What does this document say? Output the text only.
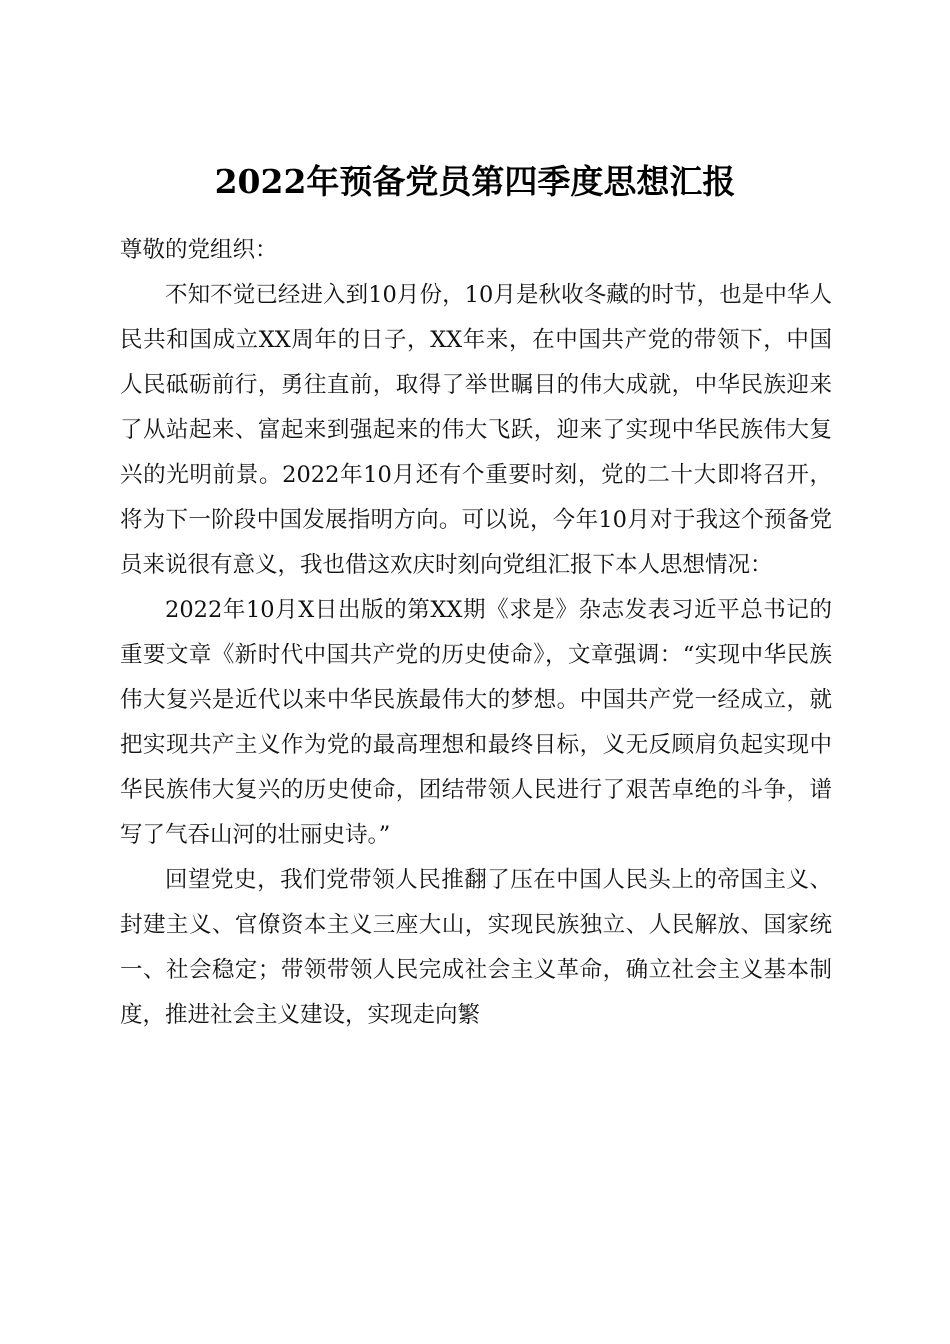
2022年预备党员第四季度思想汇报

尊敬的党组织：

不知不觉已经进入到10月份，10月是秋收冬藏的时节，也是中华人民共和国成立XX周年的日子，XX年来，在中国共产党的带领下，中国人民砥砺前行，勇往直前，取得了举世瞩目的伟大成就，中华民族迎来了从站起来、富起来到强起来的伟大飞跃，迎来了实现中华民族伟大复兴的光明前景。2022年10月还有个重要时刻，党的二十大即将召开，将为下一阶段中国发展指明方向。可以说，今年10月对于我这个预备党员来说很有意义，我也借这欢庆时刻向党组汇报下本人思想情况：

2022年10月X日出版的第XX期《求是》杂志发表习近平总书记的重要文章《新时代中国共产党的历史使命》，文章强调：“实现中华民族伟大复兴是近代以来中华民族最伟大的梦想。中国共产党一经成立，就把实现共产主义作为党的最高理想和最终目标，义无反顾肩负起实现中华民族伟大复兴的历史使命，团结带领人民进行了艰苦卓绝的斗争，谱写了气吞山河的壮丽史诗。”

回望党史，我们党带领人民推翻了压在中国人民头上的帝国主义、封建主义、官僚资本主义三座大山，实现民族独立、人民解放、国家统一、社会稳定；带领带领人民完成社会主义革命，确立社会主义基本制度，推进社会主义建设，实现走向繁
